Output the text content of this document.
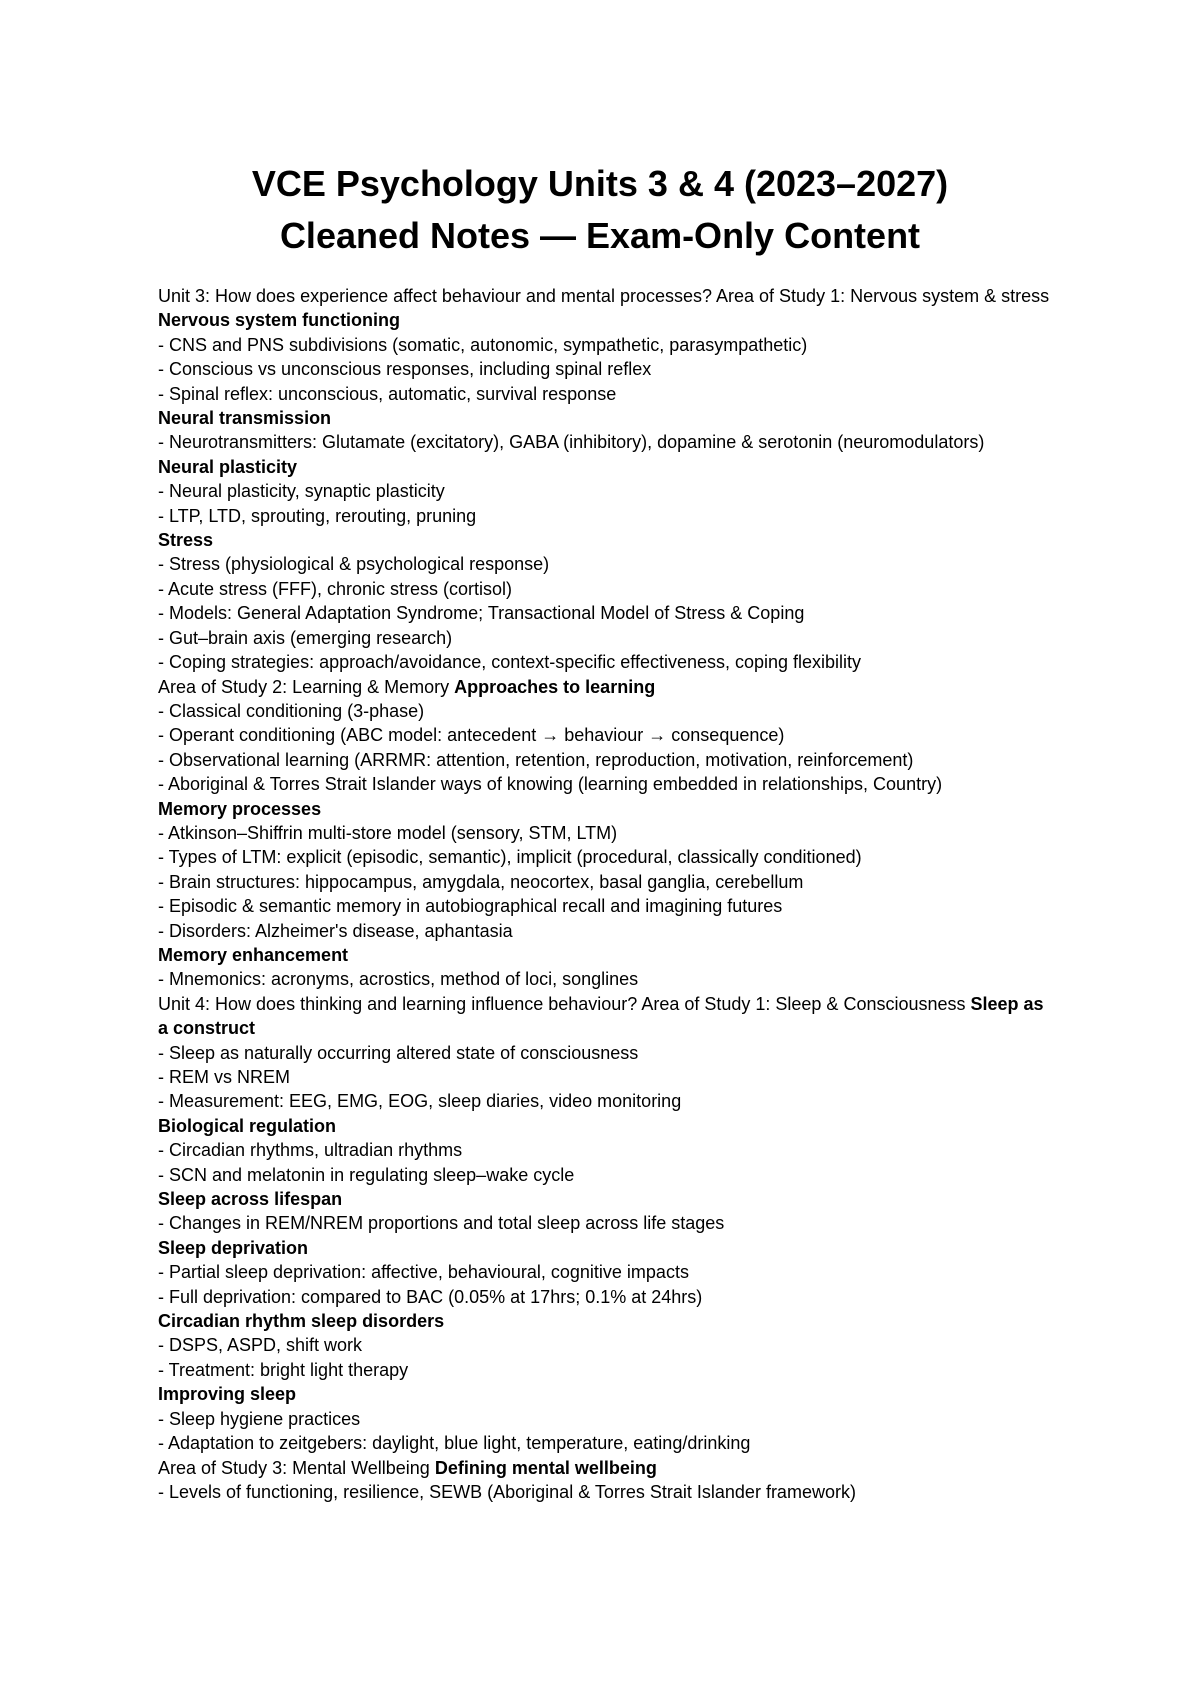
VCE Psychology Units 3 & 4 (2023–2027)
Cleaned Notes — Exam-Only Content

Unit 3: How does experience affect behaviour and mental processes? Area of Study 1: Nervous system & stress Nervous system functioning

- CNS and PNS subdivisions (somatic, autonomic, sympathetic, parasympathetic)

- Conscious vs unconscious responses, including spinal reflex

- Spinal reflex: unconscious, automatic, survival response

Neural transmission

- Neurotransmitters: Glutamate (excitatory), GABA (inhibitory), dopamine & serotonin (neuromodulators)

Neural plasticity

- Neural plasticity, synaptic plasticity

- LTP, LTD, sprouting, rerouting, pruning

Stress

- Stress (physiological & psychological response)

- Acute stress (FFF), chronic stress (cortisol)

- Models: General Adaptation Syndrome; Transactional Model of Stress & Coping

- Gut–brain axis (emerging research)

- Coping strategies: approach/avoidance, context-specific effectiveness, coping flexibility

Area of Study 2: Learning & Memory Approaches to learning

- Classical conditioning (3-phase)

- Operant conditioning (ABC model: antecedent → behaviour → consequence)

- Observational learning (ARRMR: attention, retention, reproduction, motivation, reinforcement)

- Aboriginal & Torres Strait Islander ways of knowing (learning embedded in relationships, Country)

Memory processes

- Atkinson–Shiffrin multi-store model (sensory, STM, LTM)

- Types of LTM: explicit (episodic, semantic), implicit (procedural, classically conditioned)

- Brain structures: hippocampus, amygdala, neocortex, basal ganglia, cerebellum

- Episodic & semantic memory in autobiographical recall and imagining futures

- Disorders: Alzheimer's disease, aphantasia

Memory enhancement

- Mnemonics: acronyms, acrostics, method of loci, songlines

Unit 4: How does thinking and learning influence behaviour? Area of Study 1: Sleep & Consciousness Sleep as a construct

- Sleep as naturally occurring altered state of consciousness

- REM vs NREM

- Measurement: EEG, EMG, EOG, sleep diaries, video monitoring

Biological regulation

- Circadian rhythms, ultradian rhythms

- SCN and melatonin in regulating sleep–wake cycle

Sleep across lifespan

- Changes in REM/NREM proportions and total sleep across life stages

Sleep deprivation

- Partial sleep deprivation: affective, behavioural, cognitive impacts

- Full deprivation: compared to BAC (0.05% at 17hrs; 0.1% at 24hrs)

Circadian rhythm sleep disorders

- DSPS, ASPD, shift work

- Treatment: bright light therapy

Improving sleep

- Sleep hygiene practices

- Adaptation to zeitgebers: daylight, blue light, temperature, eating/drinking

Area of Study 3: Mental Wellbeing Defining mental wellbeing

- Levels of functioning, resilience, SEWB (Aboriginal & Torres Strait Islander framework)
